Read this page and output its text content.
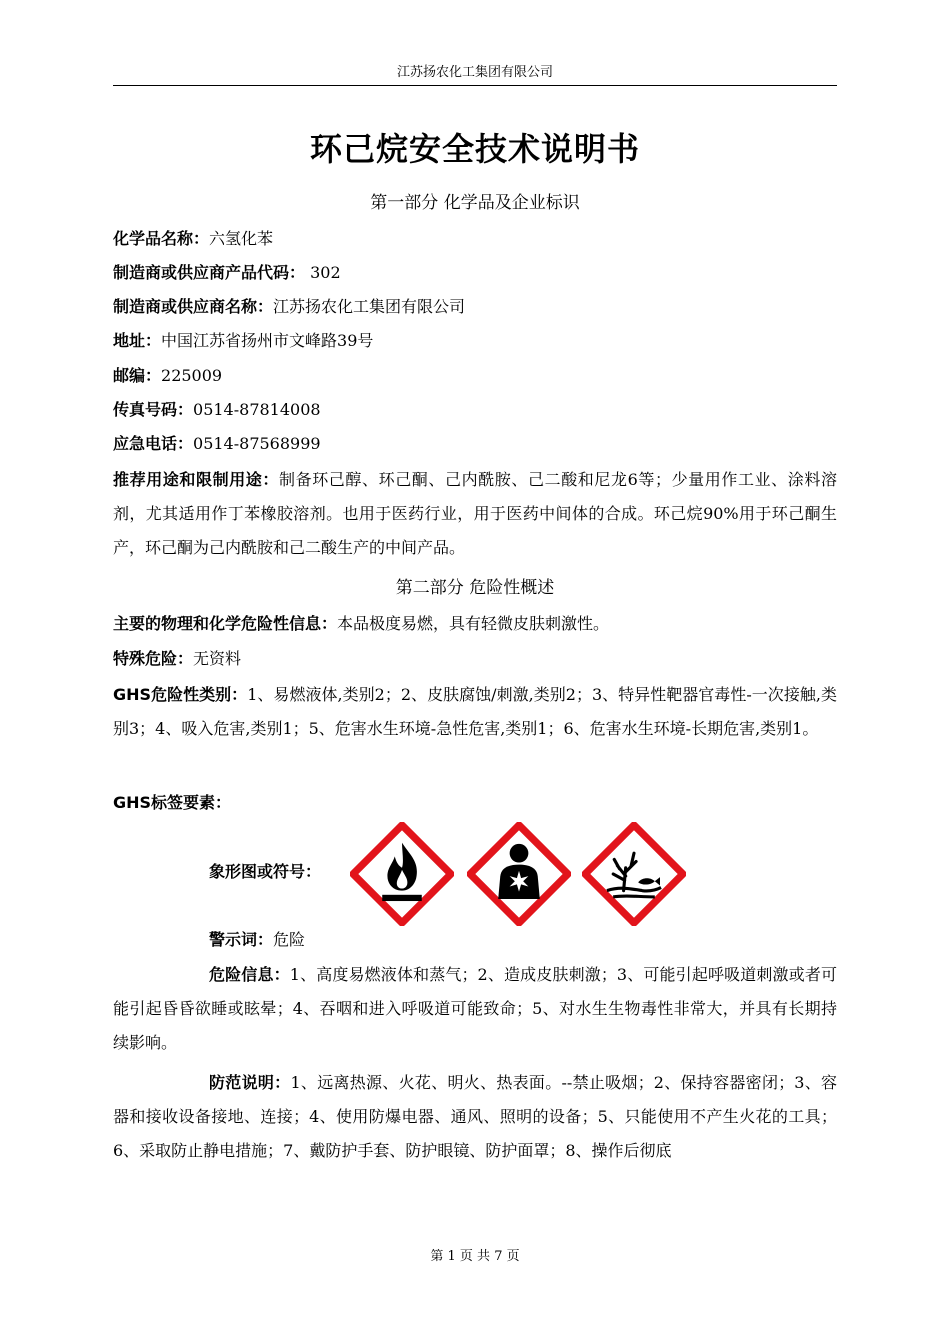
江苏扬农化工集团有限公司
环己烷安全技术说明书
第一部分 化学品及企业标识
化学品名称：六氢化苯
制造商或供应商产品代码： 302
制造商或供应商名称：江苏扬农化工集团有限公司
地址：中国江苏省扬州市文峰路39号
邮编：225009
传真号码：0514-87814008
应急电话：0514-87568999
推荐用途和限制用途：制备环己醇、环己酮、己内酰胺、己二酸和尼龙6等；少量用作工业、涂料溶剂，尤其适用作丁苯橡胶溶剂。也用于医药行业，用于医药中间体的合成。环己烷90%用于环己酮生产，环己酮为己内酰胺和己二酸生产的中间产品。
第二部分 危险性概述
主要的物理和化学危险性信息：本品极度易燃，具有轻微皮肤刺激性。
特殊危险：无资料
GHS危险性类别：1、易燃液体,类别2；2、皮肤腐蚀/刺激,类别2；3、特异性靶器官毒性-一次接触,类别3；4、吸入危害,类别1；5、危害水生环境-急性危害,类别1；6、危害水生环境-长期危害,类别1。
GHS标签要素：
象形图或符号：
警示词：危险
危险信息：1、高度易燃液体和蒸气；2、造成皮肤刺激；3、可能引起呼吸道刺激或者可能引起昏昏欲睡或眩晕；4、吞咽和进入呼吸道可能致命；5、对水生生物毒性非常大，并具有长期持续影响。
防范说明：1、远离热源、火花、明火、热表面。--禁止吸烟；2、保持容器密闭；3、容器和接收设备接地、连接；4、使用防爆电器、通风、照明的设备；5、只能使用不产生火花的工具；6、采取防止静电措施；7、戴防护手套、防护眼镜、防护面罩；8、操作后彻底
第 1 页 共 7 页
